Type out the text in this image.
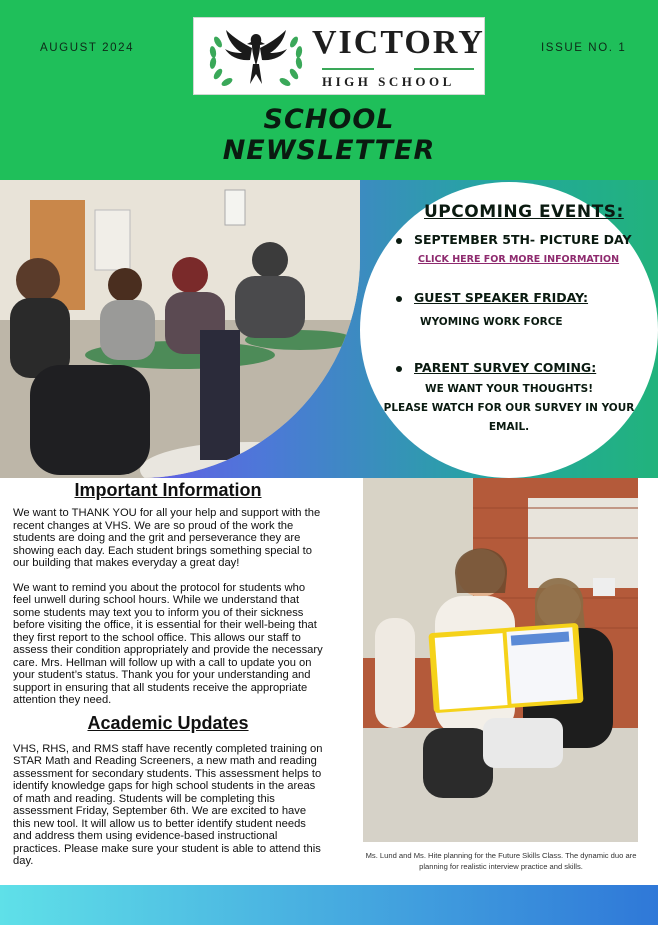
AUGUST 2024	VICTORY
HIGH SCHOOL
ISSUE NO. 1
SCHOOL
NEWSLETTER
UPCOMING EVENTS:
SEPTEMBER 5TH- PICTURE DAY
CLICK HERE FOR MORE INFORMATION
GUEST SPEAKER FRIDAY:
WYOMING WORK FORCE
PARENT SURVEY COMING:
WE WANT YOUR THOUGHTS!
PLEASE WATCH FOR OUR SURVEY IN YOUR
EMAIL.
Important Information

We want to THANK YOU for all your help and support with the recent changes at VHS. We are so proud of the work the students are doing and the grit and perseverance they are showing each day. Each student brings something special to our building that makes everyday a great day!

We want to remind you about the protocol for students who feel unwell during school hours. While we understand that some students may text you to inform you of their sickness before visiting the office, it is essential for their well-being that they first report to the school office. This allows our staff to assess their condition appropriately and provide the necessary care. Mrs. Hellman will follow up with a call to update you on your student’s status. Thank you for your understanding and support in ensuring that all students receive the appropriate attention they need.

Academic Updates

VHS, RHS, and RMS staff have recently completed training on STAR Math and Reading Screeners, a new math and reading assessment for secondary students. This assessment helps to identify knowledge gaps for high school students in the areas of math and reading. Students will be completing this assessment Friday, September 6th. We are excited to have this new tool. It will allow us to better identify student needs and address them using evidence-based instructional practices. Please make sure your student is able to attend this day.	Ms. Lund and Ms. Hite planning for the Future Skills Class. The dynamic duo are planning for realistic interview practice and skills.
